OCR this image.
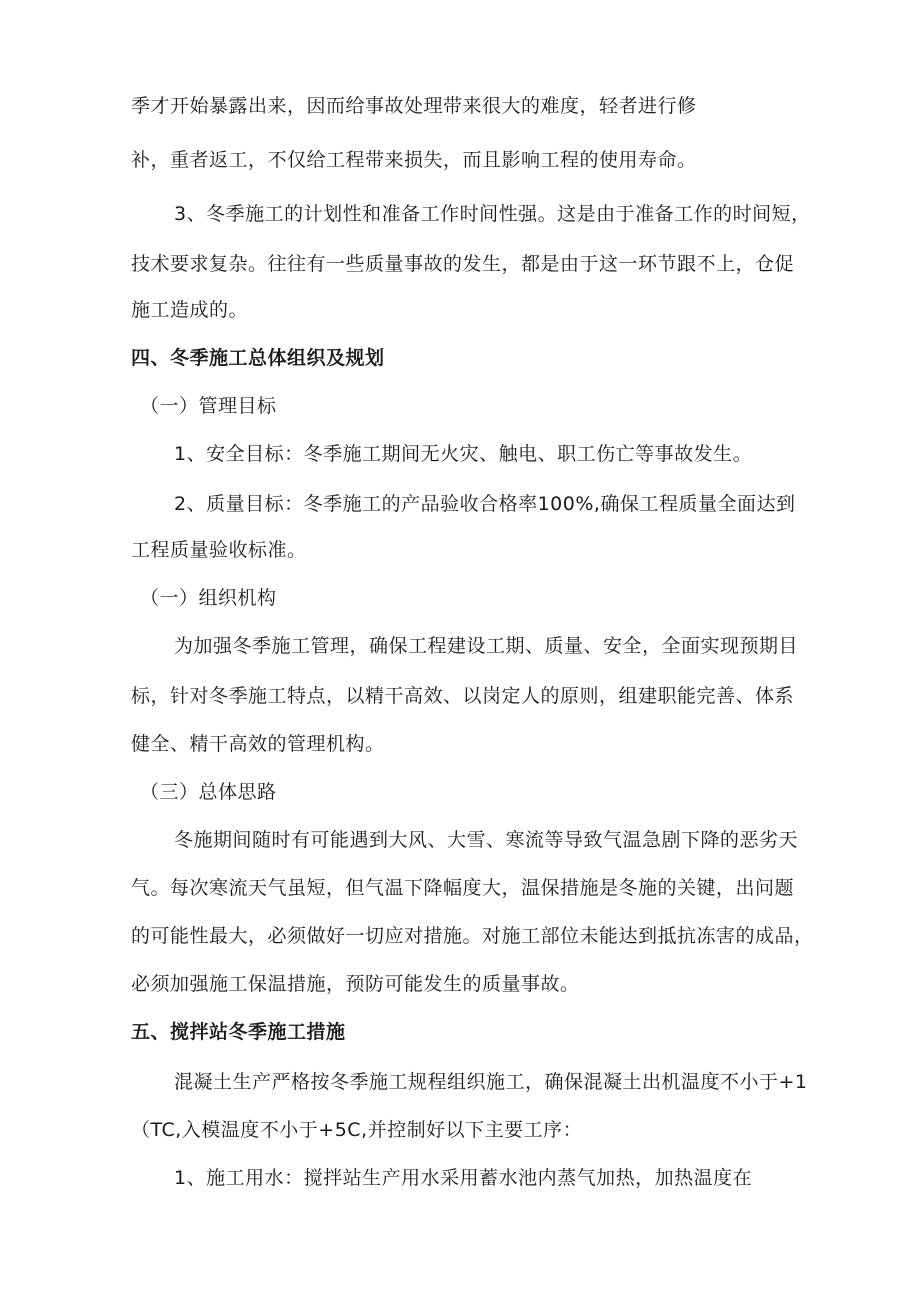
季才开始暴露出来，因而给事故处理带来很大的难度，轻者进行修
补，重者返工，不仅给工程带来损失，而且影响工程的使用寿命。
3、冬季施工的计划性和准备工作时间性强。这是由于准备工作的时间短，
技术要求复杂。往往有一些质量事故的发生，都是由于这一环节跟不上，仓促
施工造成的。
四、冬季施工总体组织及规划
（一）管理目标
1、安全目标：冬季施工期间无火灾、触电、职工伤亡等事故发生。
2、质量目标：冬季施工的产品验收合格率100%,确保工程质量全面达到
工程质量验收标准。
（一）组织机构
为加强冬季施工管理，确保工程建设工期、质量、安全，全面实现预期目
标，针对冬季施工特点，以精干高效、以岗定人的原则，组建职能完善、体系
健全、精干高效的管理机构。
（三）总体思路
冬施期间随时有可能遇到大风、大雪、寒流等导致气温急剧下降的恶劣天
气。每次寒流天气虽短，但气温下降幅度大，温保措施是冬施的关键，出问题
的可能性最大，必须做好一切应对措施。对施工部位未能达到抵抗冻害的成品，
必须加强施工保温措施，预防可能发生的质量事故。
五、搅拌站冬季施工措施
混凝土生产严格按冬季施工规程组织施工，确保混凝土出机温度不小于+1
（TC,入模温度不小于+5C,并控制好以下主要工序：
1、施工用水：搅拌站生产用水采用蓄水池内蒸气加热，加热温度在
